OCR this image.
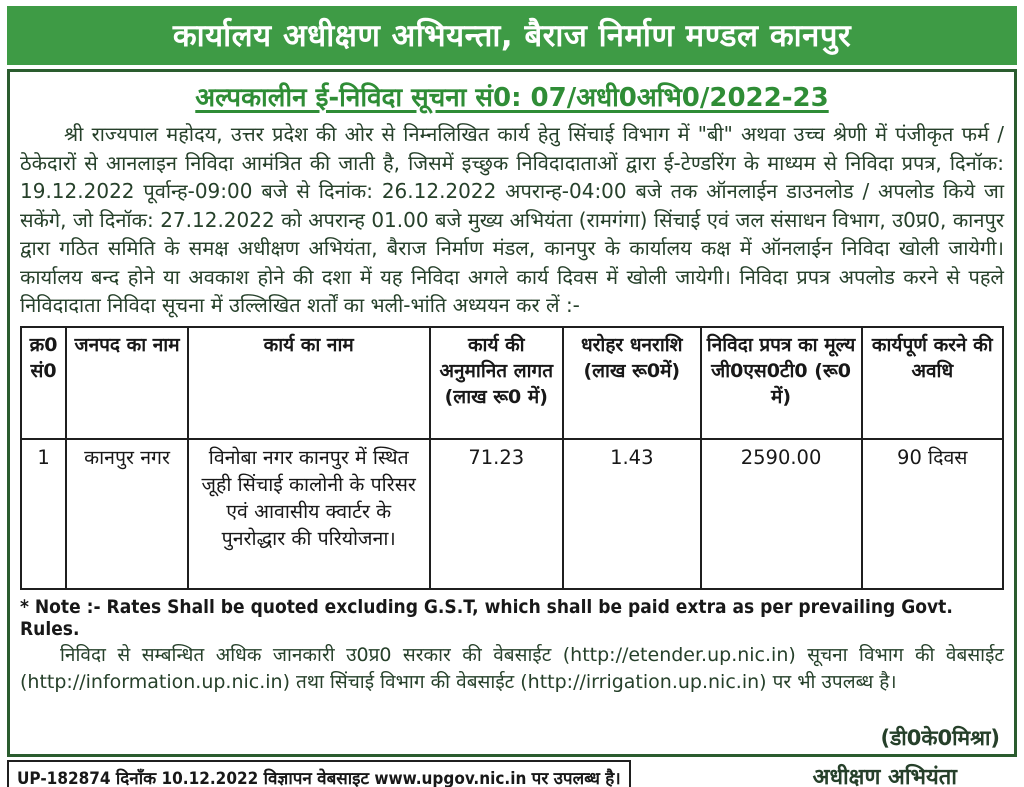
कार्यालय अधीक्षण अभियन्ता, बैराज निर्माण मण्डल कानपुर
अल्पकालीन ई-निविदा सूचना सं0: 07/अधी0अभि0/2022-23

श्री राज्यपाल महोदय, उत्तर प्रदेश की ओर से निम्नलिखित कार्य हेतु सिंचाई विभाग में "बी" अथवा उच्च श्रेणी में पंजीकृत फर्म / ठेकेदारों से आनलाइन निविदा आमंत्रित की जाती है, जिसमें इच्छुक निविदादाताओं द्वारा ई-टेण्डरिंग के माध्यम से निविदा प्रपत्र, दिनॉक: 19.12.2022 पूर्वान्ह-09:00 बजे से दिनांक: 26.12.2022 अपरान्ह-04:00 बजे तक ऑनलाईन डाउनलोड / अपलोड किये जा सकेंगे, जो दिनॉक: 27.12.2022 को अपरान्ह 01.00 बजे मुख्य अभियंता (रामगंगा) सिंचाई एवं जल संसाधन विभाग, उ0प्र0, कानपुर द्वारा गठित समिति के समक्ष अधीक्षण अभियंता, बैराज निर्माण मंडल, कानपुर के कार्यालय कक्ष में ऑनलाईन निविदा खोली जायेगी। कार्यालय बन्द होने या अवकाश होने की दशा में यह निविदा अगले कार्य दिवस में खोली जायेगी। निविदा प्रपत्र अपलोड करने से पहले निविदादाता निविदा सूचना में उल्लिखित शर्तों का भली-भांति अध्ययन कर लें :-

क्र0 सं0	जनपद का नाम	कार्य का नाम	कार्य की अनुमानित लागत (लाख रू0 में)	धरोहर धनराशि (लाख रू0में)	निविदा प्रपत्र का मूल्य जी0एस0टी0 (रू0 में)	कार्यपूर्ण करने की अवधि
1	कानपुर नगर	विनोबा नगर कानपुर में स्थित जूही सिंचाई कालोनी के परिसर एवं आवासीय क्वार्टर के पुनरोद्धार की परियोजना।	71.23	1.43	2590.00	90 दिवस
* Note :- Rates Shall be quoted excluding G.S.T, which shall be paid extra as per prevailing Govt. Rules.

निविदा से सम्बन्धित अधिक जानकारी उ0प्र0 सरकार की वेबसाईट (http://etender.up.nic.in) सूचना विभाग की वेबसाईट (http://information.up.nic.in) तथा सिंचाई विभाग की वेबसाईट (http://irrigation.up.nic.in) पर भी उपलब्ध है।

(डी0के0मिश्रा)
UP-182874 दिनाँक 10.12.2022 विज्ञापन वेबसाइट www.upgov.nic.in पर उपलब्ध है।	अधीक्षण अभियंता
